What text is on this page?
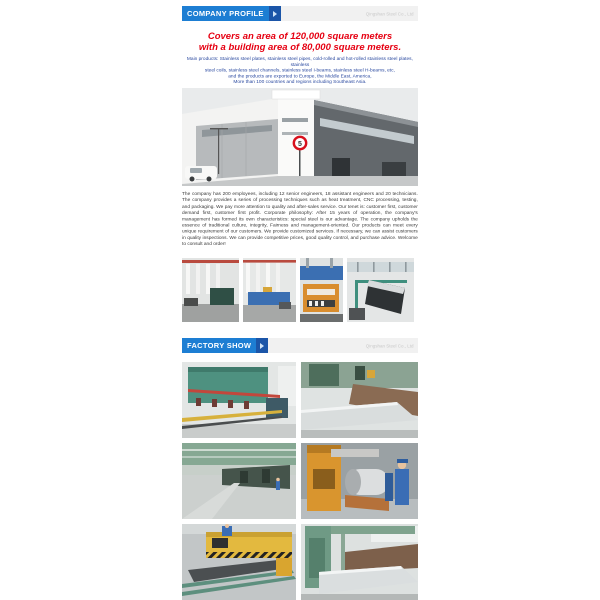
COMPANY PROFILE	Qingshan Steel Co., Ltd
Covers an area of 120,000 square meters
with a building area of 80,000 square meters.
Main products: Stainless steel plates, stainless steel pipes, cold-rolled and hot-rolled stainless steel plates, stainless
steel coils, stainless steel channels, stainless steel I-beams, stainless steel H-beams, etc,
and the products are exported to Europe, the Middle East, America,
More than 100 countries and regions including Southeast Asia.
5
The company has 200 employees, including 12 senior engineers, 18 assistant engineers and 20 technicians. The company provides a series of processing techniques such as heat treatment, CNC processing, testing, and packaging. We pay more attention to quality and after-sales service. Our tenet is: customer first, customer demand first, customer first profit. Corporate philosophy: After 15 years of operation, the company's management has formed its own characteristics: special steel is our advantage. The company upholds the essence of traditional culture, integrity, Fairness and management-oriented. Our products can meet every unique requirement of our customers. We provide customized services. If necessary, we can assist customers in quality inspections. We can provide competitive prices, good quality control, and purchase advice. Welcome to consult and order!
FACTORY SHOW	Qingshan Steel Co., Ltd
